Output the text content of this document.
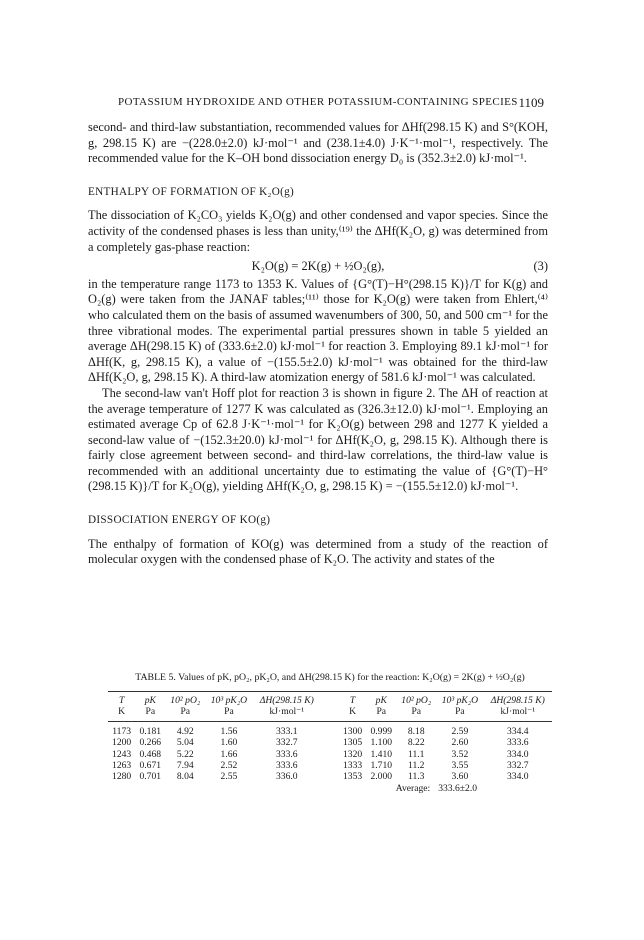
POTASSIUM HYDROXIDE AND OTHER POTASSIUM-CONTAINING SPECIES 1109

second- and third-law substantiation, recommended values for ΔHf(298.15 K) and S°(KOH, g, 298.15 K) are −(228.0±2.0) kJ·mol⁻¹ and (238.1±4.0) J·K⁻¹·mol⁻¹, respectively. The recommended value for the K–OH bond dissociation energy D₀ is (352.3±2.0) kJ·mol⁻¹.

ENTHALPY OF FORMATION OF K₂O(g)

The dissociation of K₂CO₃ yields K₂O(g) and other condensed and vapor species. Since the activity of the condensed phases is less than unity,⁽¹⁹⁾ the ΔHf(K₂O, g) was determined from a completely gas-phase reaction:

K₂O(g) = 2K(g) + ½O₂(g),	(3)

in the temperature range 1173 to 1353 K. Values of {G°(T)−H°(298.15 K)}/T for K(g) and O₂(g) were taken from the JANAF tables;⁽¹¹⁾ those for K₂O(g) were taken from Ehlert,⁽⁴⁾ who calculated them on the basis of assumed wavenumbers of 300, 50, and 500 cm⁻¹ for the three vibrational modes. The experimental partial pressures shown in table 5 yielded an average ΔH(298.15 K) of (333.6±2.0) kJ·mol⁻¹ for reaction 3. Employing 89.1 kJ·mol⁻¹ for ΔHf(K, g, 298.15 K), a value of −(155.5±2.0) kJ·mol⁻¹ was obtained for the third-law ΔHf(K₂O, g, 298.15 K). A third-law atomization energy of 581.6 kJ·mol⁻¹ was calculated.

The second-law van't Hoff plot for reaction 3 is shown in figure 2. The ΔH of reaction at the average temperature of 1277 K was calculated as (326.3±12.0) kJ·mol⁻¹. Employing an estimated average Cp of 62.8 J·K⁻¹·mol⁻¹ for K₂O(g) between 298 and 1277 K yielded a second-law value of −(152.3±20.0) kJ·mol⁻¹ for ΔHf(K₂O, g, 298.15 K). Although there is fairly close agreement between second- and third-law correlations, the third-law value is recommended with an additional uncertainty due to estimating the value of {G°(T)−H°(298.15 K)}/T for K₂O(g), yielding ΔHf(K₂O, g, 298.15 K) = −(155.5±12.0) kJ·mol⁻¹.

DISSOCIATION ENERGY OF KO(g)

The enthalpy of formation of KO(g) was determined from a study of the reaction of molecular oxygen with the condensed phase of K₂O. The activity and states of the

TABLE 5. Values of pK, pO₂, pK₂O, and ΔH(298.15 K) for the reaction: K₂O(g) = 2K(g) + ½O₂(g)
T	pK	10² pO₂	10³ pK₂O	ΔH(298.15 K)		T	pK	10² pO₂	10³ pK₂O	ΔH(298.15 K)
K	Pa	Pa	Pa	kJ·mol⁻¹		K	Pa	Pa	Pa	kJ·mol⁻¹
1173	0.181	4.92	1.56	333.1		1300	0.999	8.18	2.59	334.4
1200	0.266	5.04	1.60	332.7		1305	1.100	8.22	2.60	333.6
1243	0.468	5.22	1.66	333.6		1320	1.410	11.1	3.52	334.0
1263	0.671	7.94	2.52	333.6		1333	1.710	11.2	3.55	332.7
1280	0.701	8.04	2.55	336.0		1353	2.000	11.3	3.60	334.0
Average:									333.6±2.0	
